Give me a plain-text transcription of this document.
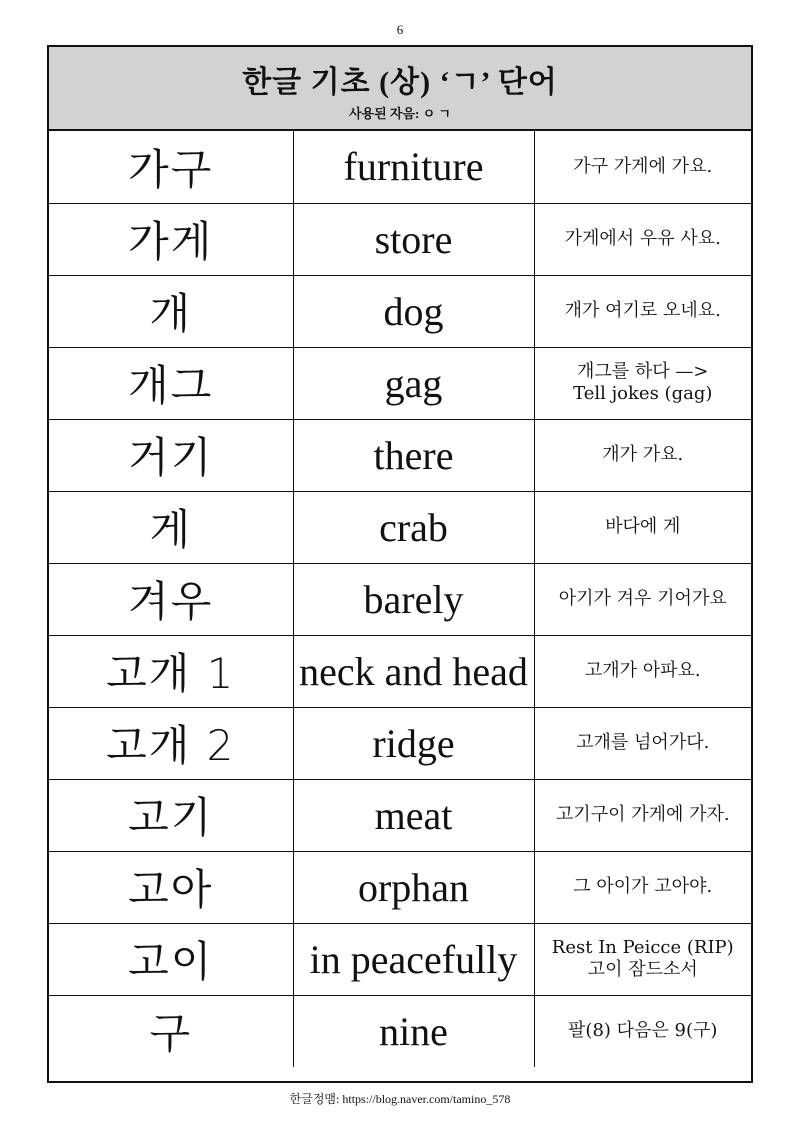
6
한글 기초 (상) ‘ㄱ’ 단어
사용된 자음: ㅇ ㄱ
가구	furniture	가구 가게에 가요.
가게	store	가게에서 우유 사요.
개	dog	개가 여기로 오네요.
개그	gag	개그를 하다 —>
Tell jokes (gag)

거기	there	개가 가요.
게	crab	바다에 게
겨우	barely	아기가 겨우 기어가요
고개 1	neck and head	고개가 아파요.
고개 2	ridge	고개를 넘어가다.
고기	meat	고기구이 가게에 가자.
고아	orphan	그 아이가 고아야.
고이	in peacefully	Rest In Peicce (RIP)
고이 잠드소서

구	nine	팔(8) 다음은 9(구)
한글정맴: https://blog.naver.com/tamino_578
